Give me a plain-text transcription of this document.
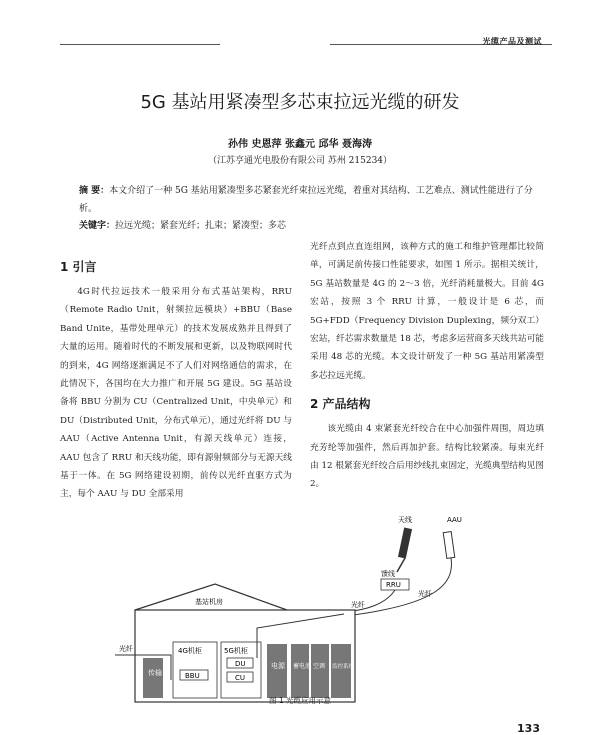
光缆产品及测试
5G 基站用紧凑型多芯束拉远光缆的研发
孙伟 史恩萍 张鑫元 邱华 聂海涛
（江苏亨通光电股份有限公司 苏州 215234）
摘 要：本文介绍了一种 5G 基站用紧凑型多芯紧套光纤束拉远光缆，着重对其结构、工艺难点、测试性能进行了分析。
关键字：拉远光缆；紧套光纤；扎束；紧凑型；多芯
1 引言

4G时代拉远技术一般采用分布式基站架构，RRU（Remote Radio Unit，射频拉远模块）+BBU（Base Band Unite，基带处理单元）的技术发展成熟并且得到了大量的运用。随着时代的不断发展和更新，以及物联网时代的到来，4G 网络逐渐满足不了人们对网络通信的需求，在此情况下，各国均在大力推广和开展 5G 建设。5G 基站设备将 BBU 分割为 CU（Centralized Unit，中央单元）和 DU（Distributed Unit，分布式单元），通过光纤将 DU 与 AAU（Active Antenna Unit，有源天线单元）连接，AAU 包含了 RRU 和天线功能，即有源射频部分与无源天线基于一体。在 5G 网络建设初期，前传以光纤直驱方式为主，每个 AAU 与 DU 全部采用

光纤点到点直连组网，该种方式的施工和维护管理都比较简单，可满足前传接口性能要求，如图 1 所示。据相关统计，5G 基站数量是 4G 的 2～3 倍，光纤消耗量极大。目前 4G 宏站，按照 3 个 RRU 计算，一般设计是 6 芯，而 5G+FDD（Frequency Division Duplexing，频分双工）宏站，纤芯需求数量是 18 芯，考虑多运营商多天线共站可能采用 48 芯的光缆。本文设计研发了一种 5G 基站用紧凑型多芯拉远光缆。

2 产品结构

该光缆由 4 束紧套光纤绞合在中心加强件周围，周边填充芳纶等加强件，然后再加护套。结构比较紧凑。每束光纤由 12 根紧套光纤绞合后用纱线扎束固定，光缆典型结构见图 2。

天线	AAU
馈线
RRU
光纤
光纤
基站机房
光纤
传输
4G机柜
BBU
5G机柜
DU
CU
电源 蓄电池 空调 监控系统
图 1 光缆应用示意
133
